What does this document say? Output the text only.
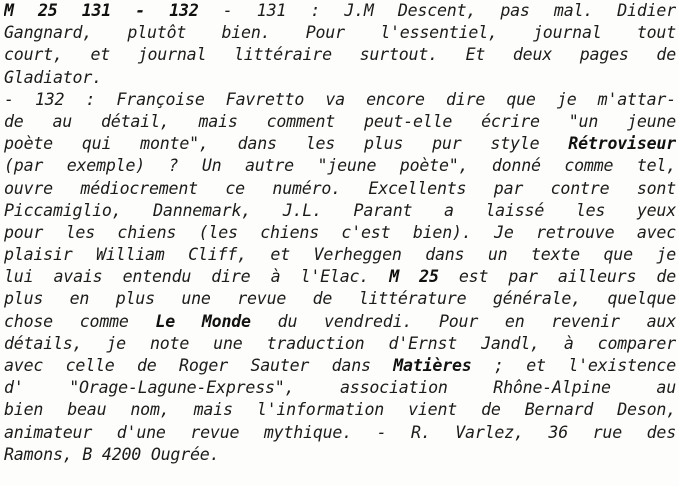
M 25 131 - 132 - 131 : J.M Descent, pas mal. Didier
Gangnard, plutôt bien. Pour l'essentiel, journal tout
court, et journal littéraire surtout. Et deux pages de
Gladiator.
- 132 : Françoise Favretto va encore dire que je m'attar-
de au détail, mais comment peut-elle écrire "un jeune
poète qui monte", dans les plus pur style Rétroviseur
(par exemple) ? Un autre "jeune poète", donné comme tel,
ouvre médiocrement ce numéro. Excellents par contre sont
Piccamiglio, Dannemark, J.L. Parant a laissé les yeux
pour les chiens (les chiens c'est bien). Je retrouve avec
plaisir William Cliff, et Verheggen dans un texte que je
lui avais entendu dire à l'Elac. M 25 est par ailleurs de
plus en plus une revue de littérature générale, quelque
chose comme Le Monde du vendredi. Pour en revenir aux
détails, je note une traduction d'Ernst Jandl, à comparer
avec celle de Roger Sauter dans Matières ; et l'existence
d' "Orage-Lagune-Express", association Rhône-Alpine au
bien beau nom, mais l'information vient de Bernard Deson,
animateur d'une revue mythique. - R. Varlez, 36 rue des
Ramons, B 4200 Ougrée.
